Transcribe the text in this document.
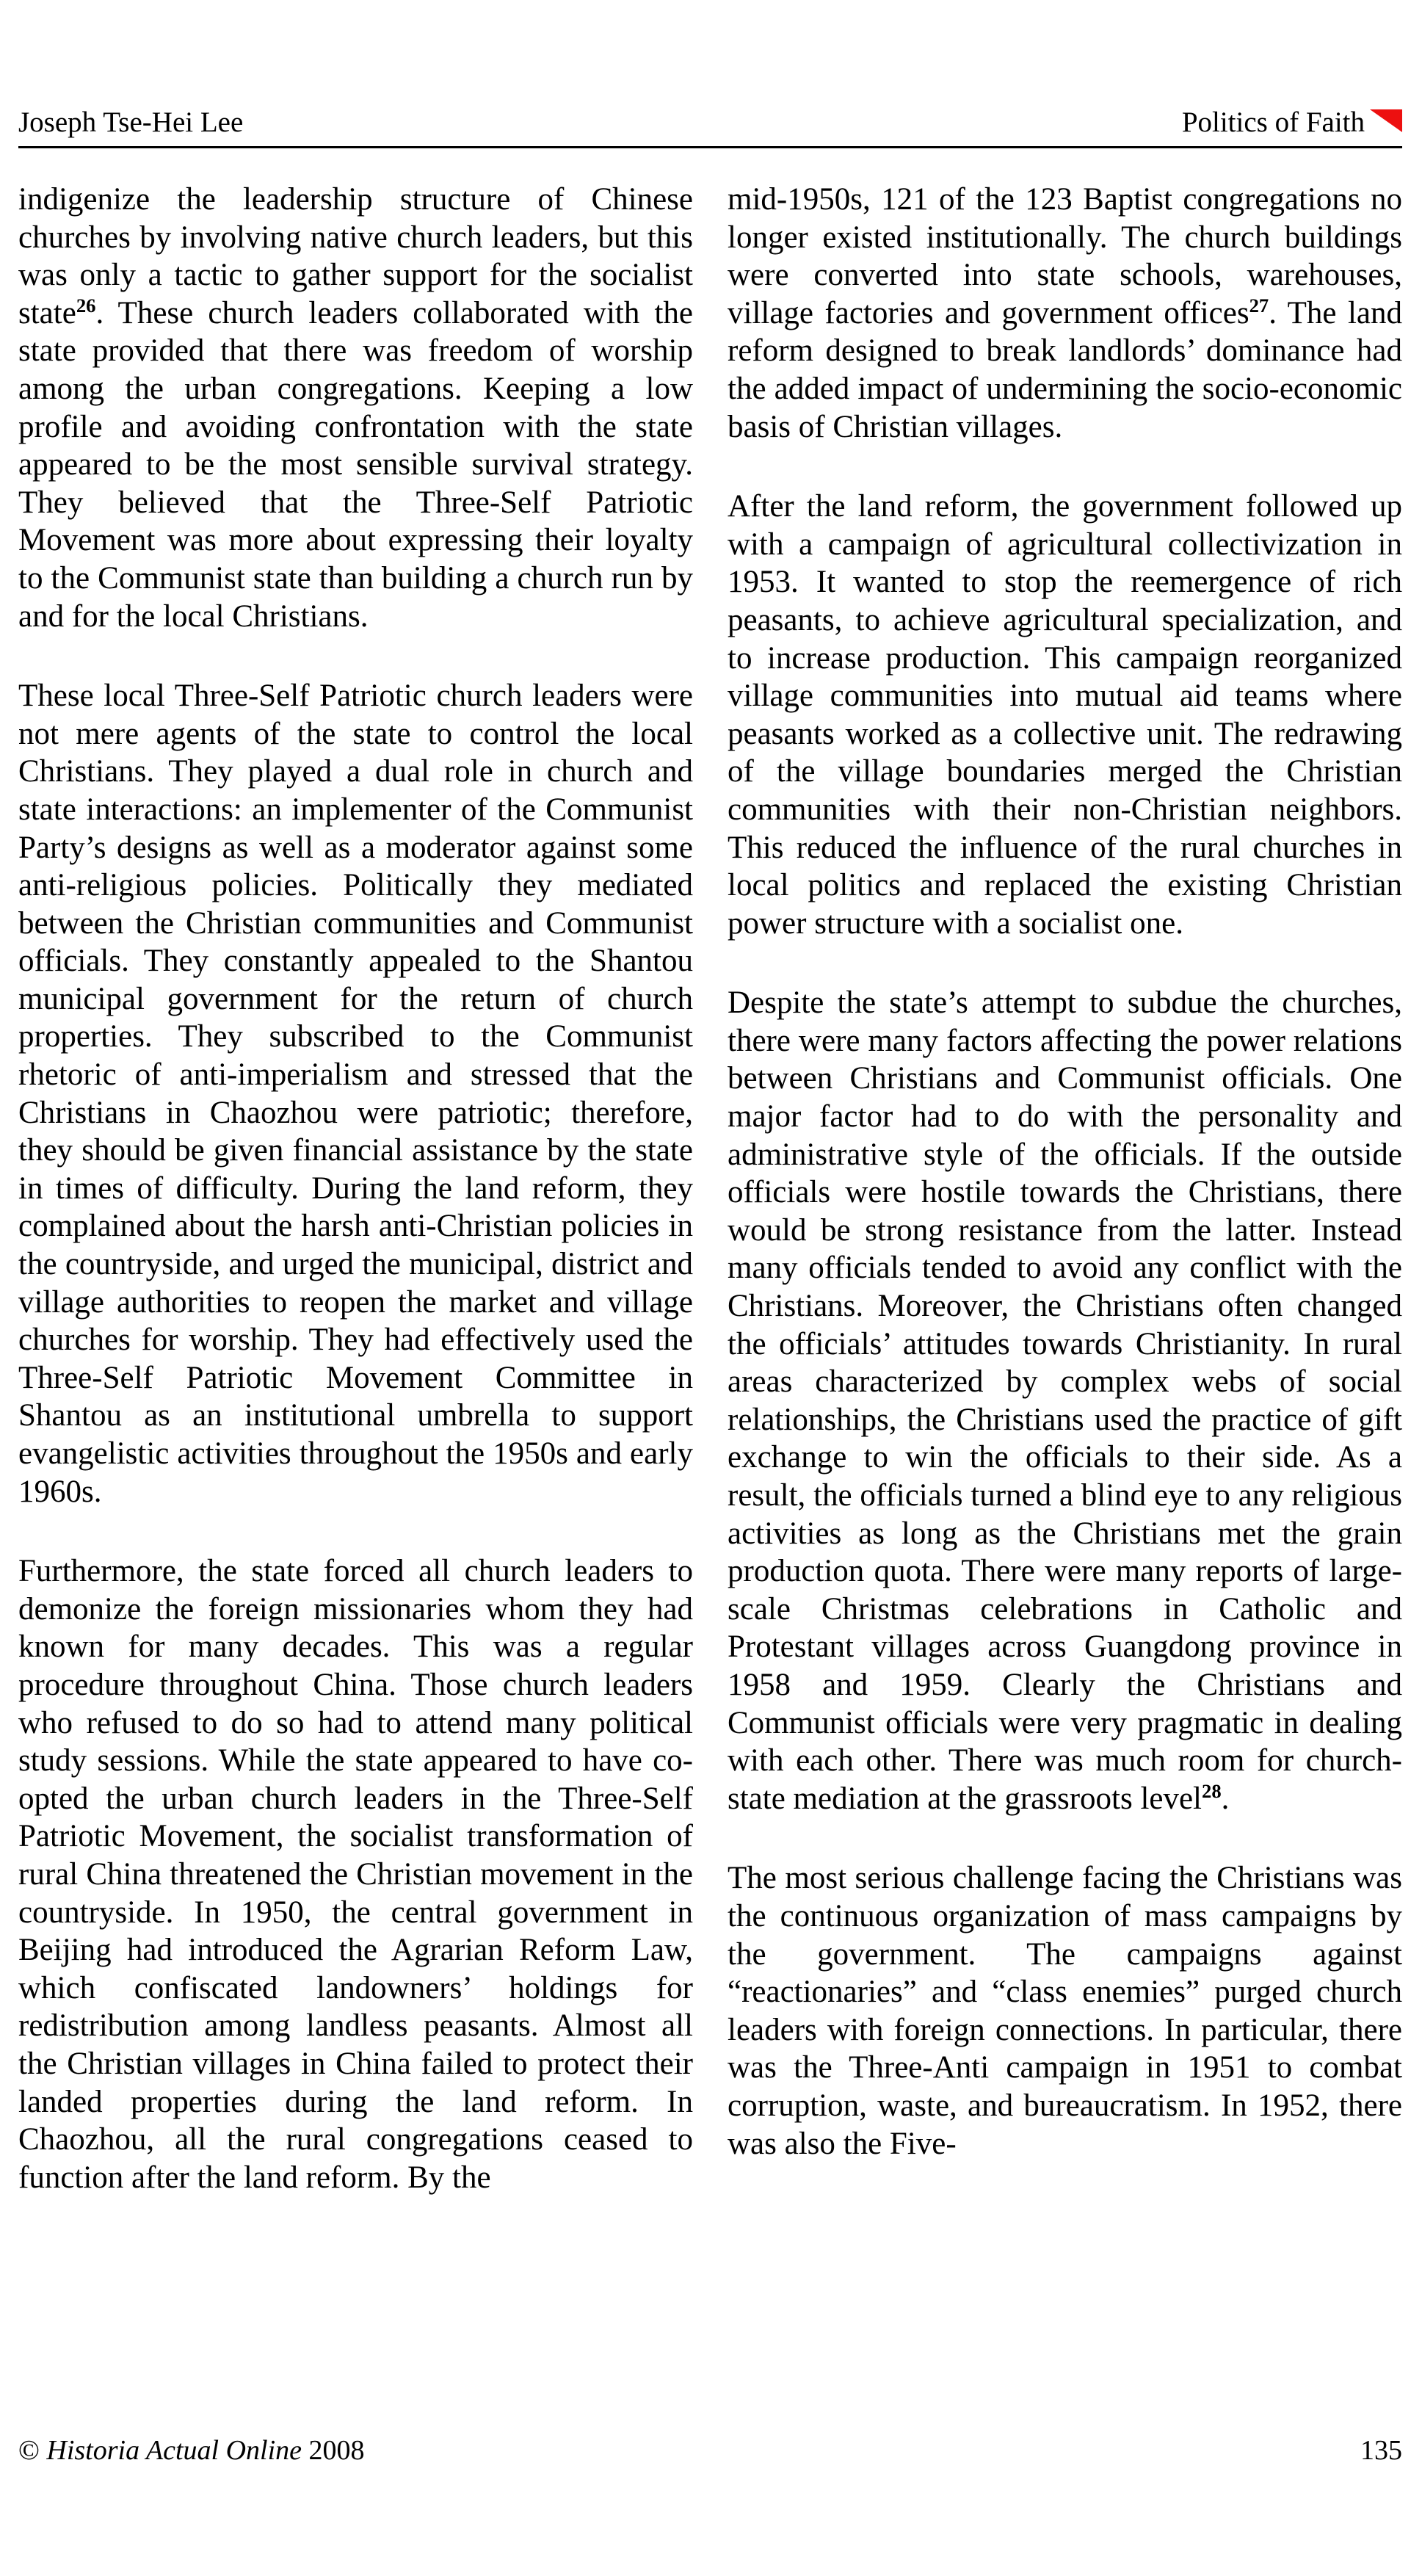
Joseph Tse-Hei Lee	Politics of Faith

indigenize the leadership structure of Chinese churches by involving native church leaders, but this was only a tactic to gather support for the socialist state$^{26}$. These church leaders collaborated with the state provided that there was freedom of worship among the urban congregations. Keeping a low profile and avoiding confrontation with the state appeared to be the most sensible survival strategy. They believed that the Three-Self Patriotic Movement was more about expressing their loyalty to the Communist state than building a church run by and for the local Christians.

These local Three-Self Patriotic church leaders were not mere agents of the state to control the local Christians. They played a dual role in church and state interactions: an implementer of the Communist Party’s designs as well as a moderator against some anti-religious policies. Politically they mediated between the Christian communities and Communist officials. They constantly appealed to the Shantou municipal government for the return of church properties. They subscribed to the Communist rhetoric of anti-imperialism and stressed that the Christians in Chaozhou were patriotic; therefore, they should be given financial assistance by the state in times of difficulty. During the land reform, they complained about the harsh anti-Christian policies in the countryside, and urged the municipal, district and village authorities to reopen the market and village churches for worship. They had effectively used the Three-Self Patriotic Movement Committee in Shantou as an institutional umbrella to support evangelistic activities throughout the 1950s and early 1960s.

Furthermore, the state forced all church leaders to demonize the foreign missionaries whom they had known for many decades. This was a regular procedure throughout China. Those church leaders who refused to do so had to attend many political study sessions. While the state appeared to have co-opted the urban church leaders in the Three-Self Patriotic Movement, the socialist transformation of rural China threatened the Christian movement in the countryside. In 1950, the central government in Beijing had introduced the Agrarian Reform Law, which confiscated landowners’ holdings for redistribution among landless peasants. Almost all the Christian villages in China failed to protect their landed properties during the land reform. In Chaozhou, all the rural congregations ceased to function after the land reform. By the

mid-1950s, 121 of the 123 Baptist congregations no longer existed institutionally. The church buildings were converted into state schools, warehouses, village factories and government offices$^{27}$. The land reform designed to break landlords’ dominance had the added impact of undermining the socio-economic basis of Christian villages.

After the land reform, the government followed up with a campaign of agricultural collectivization in 1953. It wanted to stop the reemergence of rich peasants, to achieve agricultural specialization, and to increase production. This campaign reorganized village communities into mutual aid teams where peasants worked as a collective unit. The redrawing of the village boundaries merged the Christian communities with their non-Christian neighbors. This reduced the influence of the rural churches in local politics and replaced the existing Christian power structure with a socialist one.

Despite the state’s attempt to subdue the churches, there were many factors affecting the power relations between Christians and Communist officials. One major factor had to do with the personality and administrative style of the officials. If the outside officials were hostile towards the Christians, there would be strong resistance from the latter. Instead many officials tended to avoid any conflict with the Christians. Moreover, the Christians often changed the officials’ attitudes towards Christianity. In rural areas characterized by complex webs of social relationships, the Christians used the practice of gift exchange to win the officials to their side. As a result, the officials turned a blind eye to any religious activities as long as the Christians met the grain production quota. There were many reports of large-scale Christmas celebrations in Catholic and Protestant villages across Guangdong province in 1958 and 1959. Clearly the Christians and Communist officials were very pragmatic in dealing with each other. There was much room for church-state mediation at the grassroots level$^{28}$.

The most serious challenge facing the Christians was the continuous organization of mass campaigns by the government. The campaigns against “reactionaries” and “class enemies” purged church leaders with foreign connections. In particular, there was the Three-Anti campaign in 1951 to combat corruption, waste, and bureaucratism. In 1952, there was also the Five-

© Historia Actual Online 2008	135
